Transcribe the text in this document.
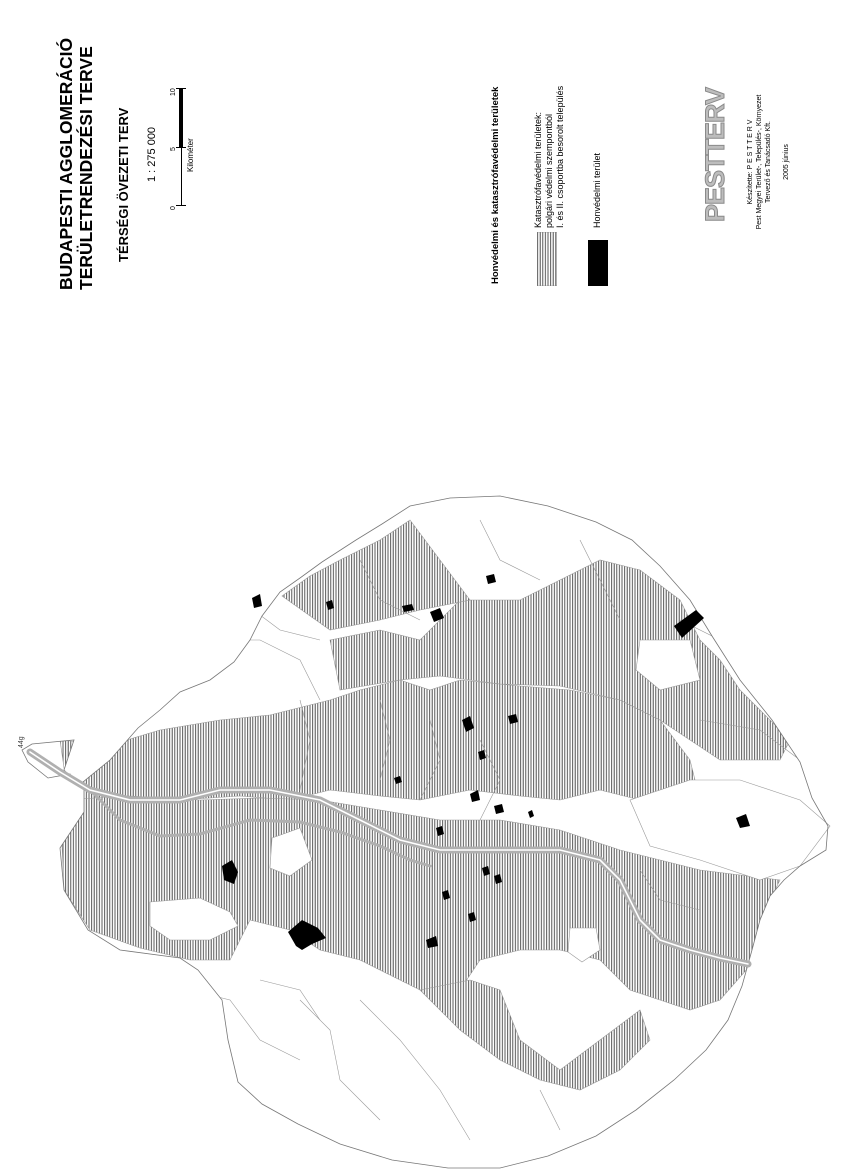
44g
BUDAPESTI AGGLOMERÁCIÓ TERÜLETRENDEZÉSI TERVE TÉRSÉGI ÖVEZETI TERV 1 : 275 000
0
5
10
Kilométer	Honvédelmi és katasztrófavédelmi területek	Katasztrófavédelmi területek: polgári védelmi szempontból I. és II. csoportba besorolt település	Honvédelmi terület	PESTTERV Készítette: P E S T T E R V Pest Megyei Terület-, Település-, Környezet Tervező és Tanácsadó Kft. 2005 június
